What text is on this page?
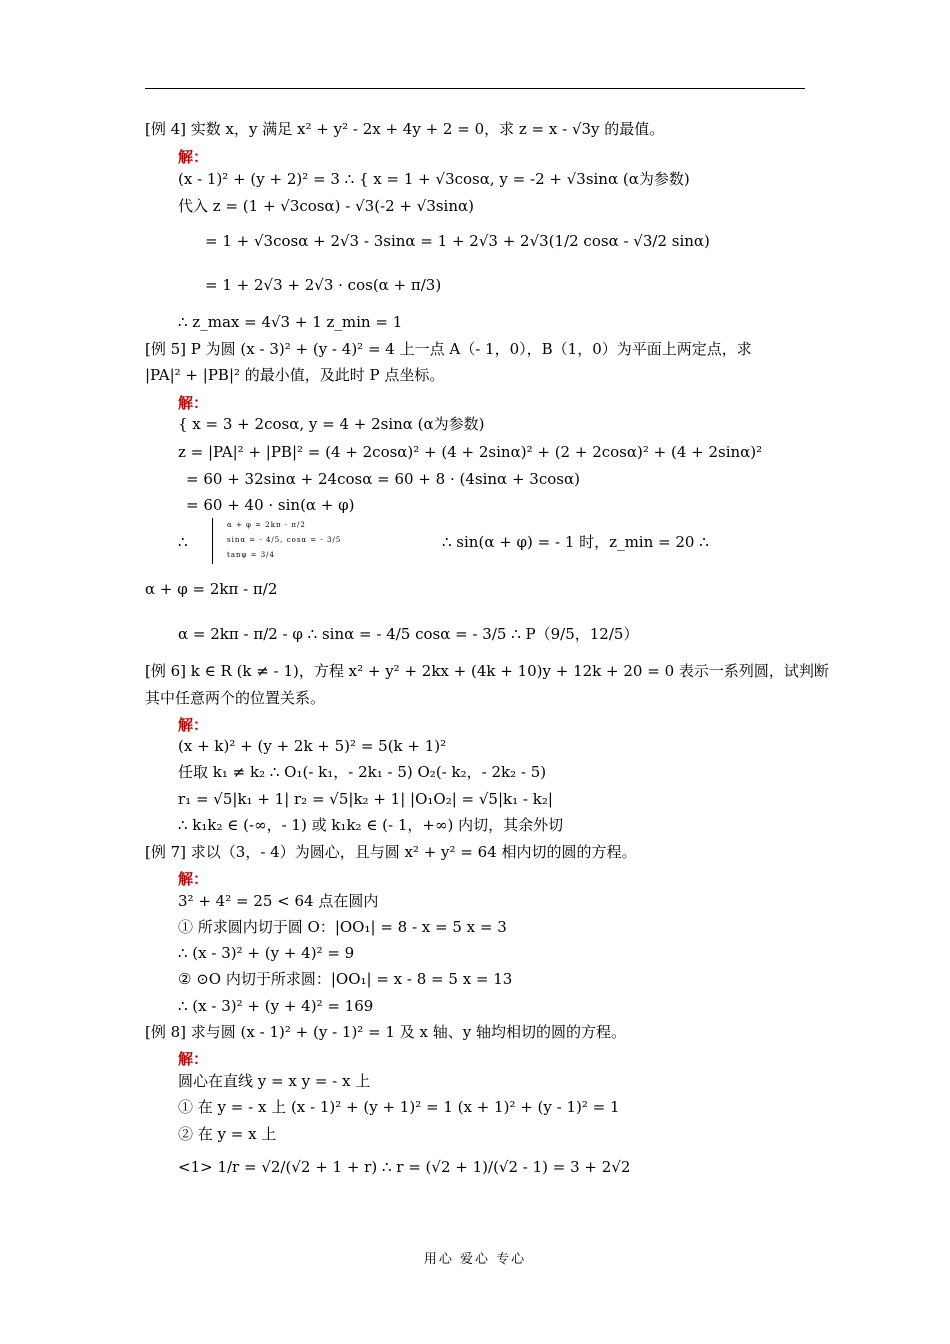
[例 4] 实数 x，y 满足 x² + y² - 2x + 4y + 2 = 0，求 z = x - √3y 的最值。
解：
(x - 1)² + (y + 2)² = 3 ∴ { x = 1 + √3cosα, y = -2 + √3sinα (α为参数)
代入 z = (1 + √3cosα) - √3(-2 + √3sinα)
= 1 + √3cosα + 2√3 - 3sinα = 1 + 2√3 + 2√3(1/2 cosα - √3/2 sinα)
= 1 + 2√3 + 2√3 · cos(α + π/3)
∴ z_max = 4√3 + 1 z_min = 1
[例 5] P 为圆 (x - 3)² + (y - 4)² = 4 上一点 A（- 1，0），B（1，0）为平面上两定点，求
|PA|² + |PB|² 的最小值，及此时 P 点坐标。
解：
{ x = 3 + 2cosα, y = 4 + 2sinα (α为参数)
z = |PA|² + |PB|² = (4 + 2cosα)² + (4 + 2sinα)² + (2 + 2cosα)² + (4 + 2sinα)²
= 60 + 32sinα + 24cosα = 60 + 8 · (4sinα + 3cosα)
= 60 + 40 · sin(α + φ)
∴	∴ sin(α + φ) = - 1 时，z_min = 20 ∴
α + φ = 2kπ - π/2
α = 2kπ - π/2 - φ ∴ sinα = - 4/5 cosα = - 3/5 ∴ P（9/5，12/5）
[例 6] k ∈ R (k ≠ - 1)，方程 x² + y² + 2kx + (4k + 10)y + 12k + 20 = 0 表示一系列圆，试判断
其中任意两个的位置关系。
解：
(x + k)² + (y + 2k + 5)² = 5(k + 1)²
任取 k₁ ≠ k₂ ∴ O₁(- k₁，- 2k₁ - 5) O₂(- k₂，- 2k₂ - 5)
r₁ = √5|k₁ + 1| r₂ = √5|k₂ + 1| |O₁O₂| = √5|k₁ - k₂|
∴ k₁k₂ ∈ (-∞，- 1) 或 k₁k₂ ∈ (- 1，+∞) 内切，其余外切
[例 7] 求以（3，- 4）为圆心，且与圆 x² + y² = 64 相内切的圆的方程。
解：
3² + 4² = 25 < 64 点在圆内
① 所求圆内切于圆 O：|OO₁| = 8 - x = 5 x = 3
∴ (x - 3)² + (y + 4)² = 9
② ⊙O 内切于所求圆：|OO₁| = x - 8 = 5 x = 13
∴ (x - 3)² + (y + 4)² = 169
[例 8] 求与圆 (x - 1)² + (y - 1)² = 1 及 x 轴、y 轴均相切的圆的方程。
解：
圆心在直线 y = x y = - x 上
① 在 y = - x 上 (x - 1)² + (y + 1)² = 1 (x + 1)² + (y - 1)² = 1
② 在 y = x 上
<1> 1/r = √2/(√2 + 1 + r) ∴ r = (√2 + 1)/(√2 - 1) = 3 + 2√2
α + φ = 2kπ - π/2
sinα = - 4/5, cosα = - 3/5
tanφ = 3/4
用心 爱心 专心
